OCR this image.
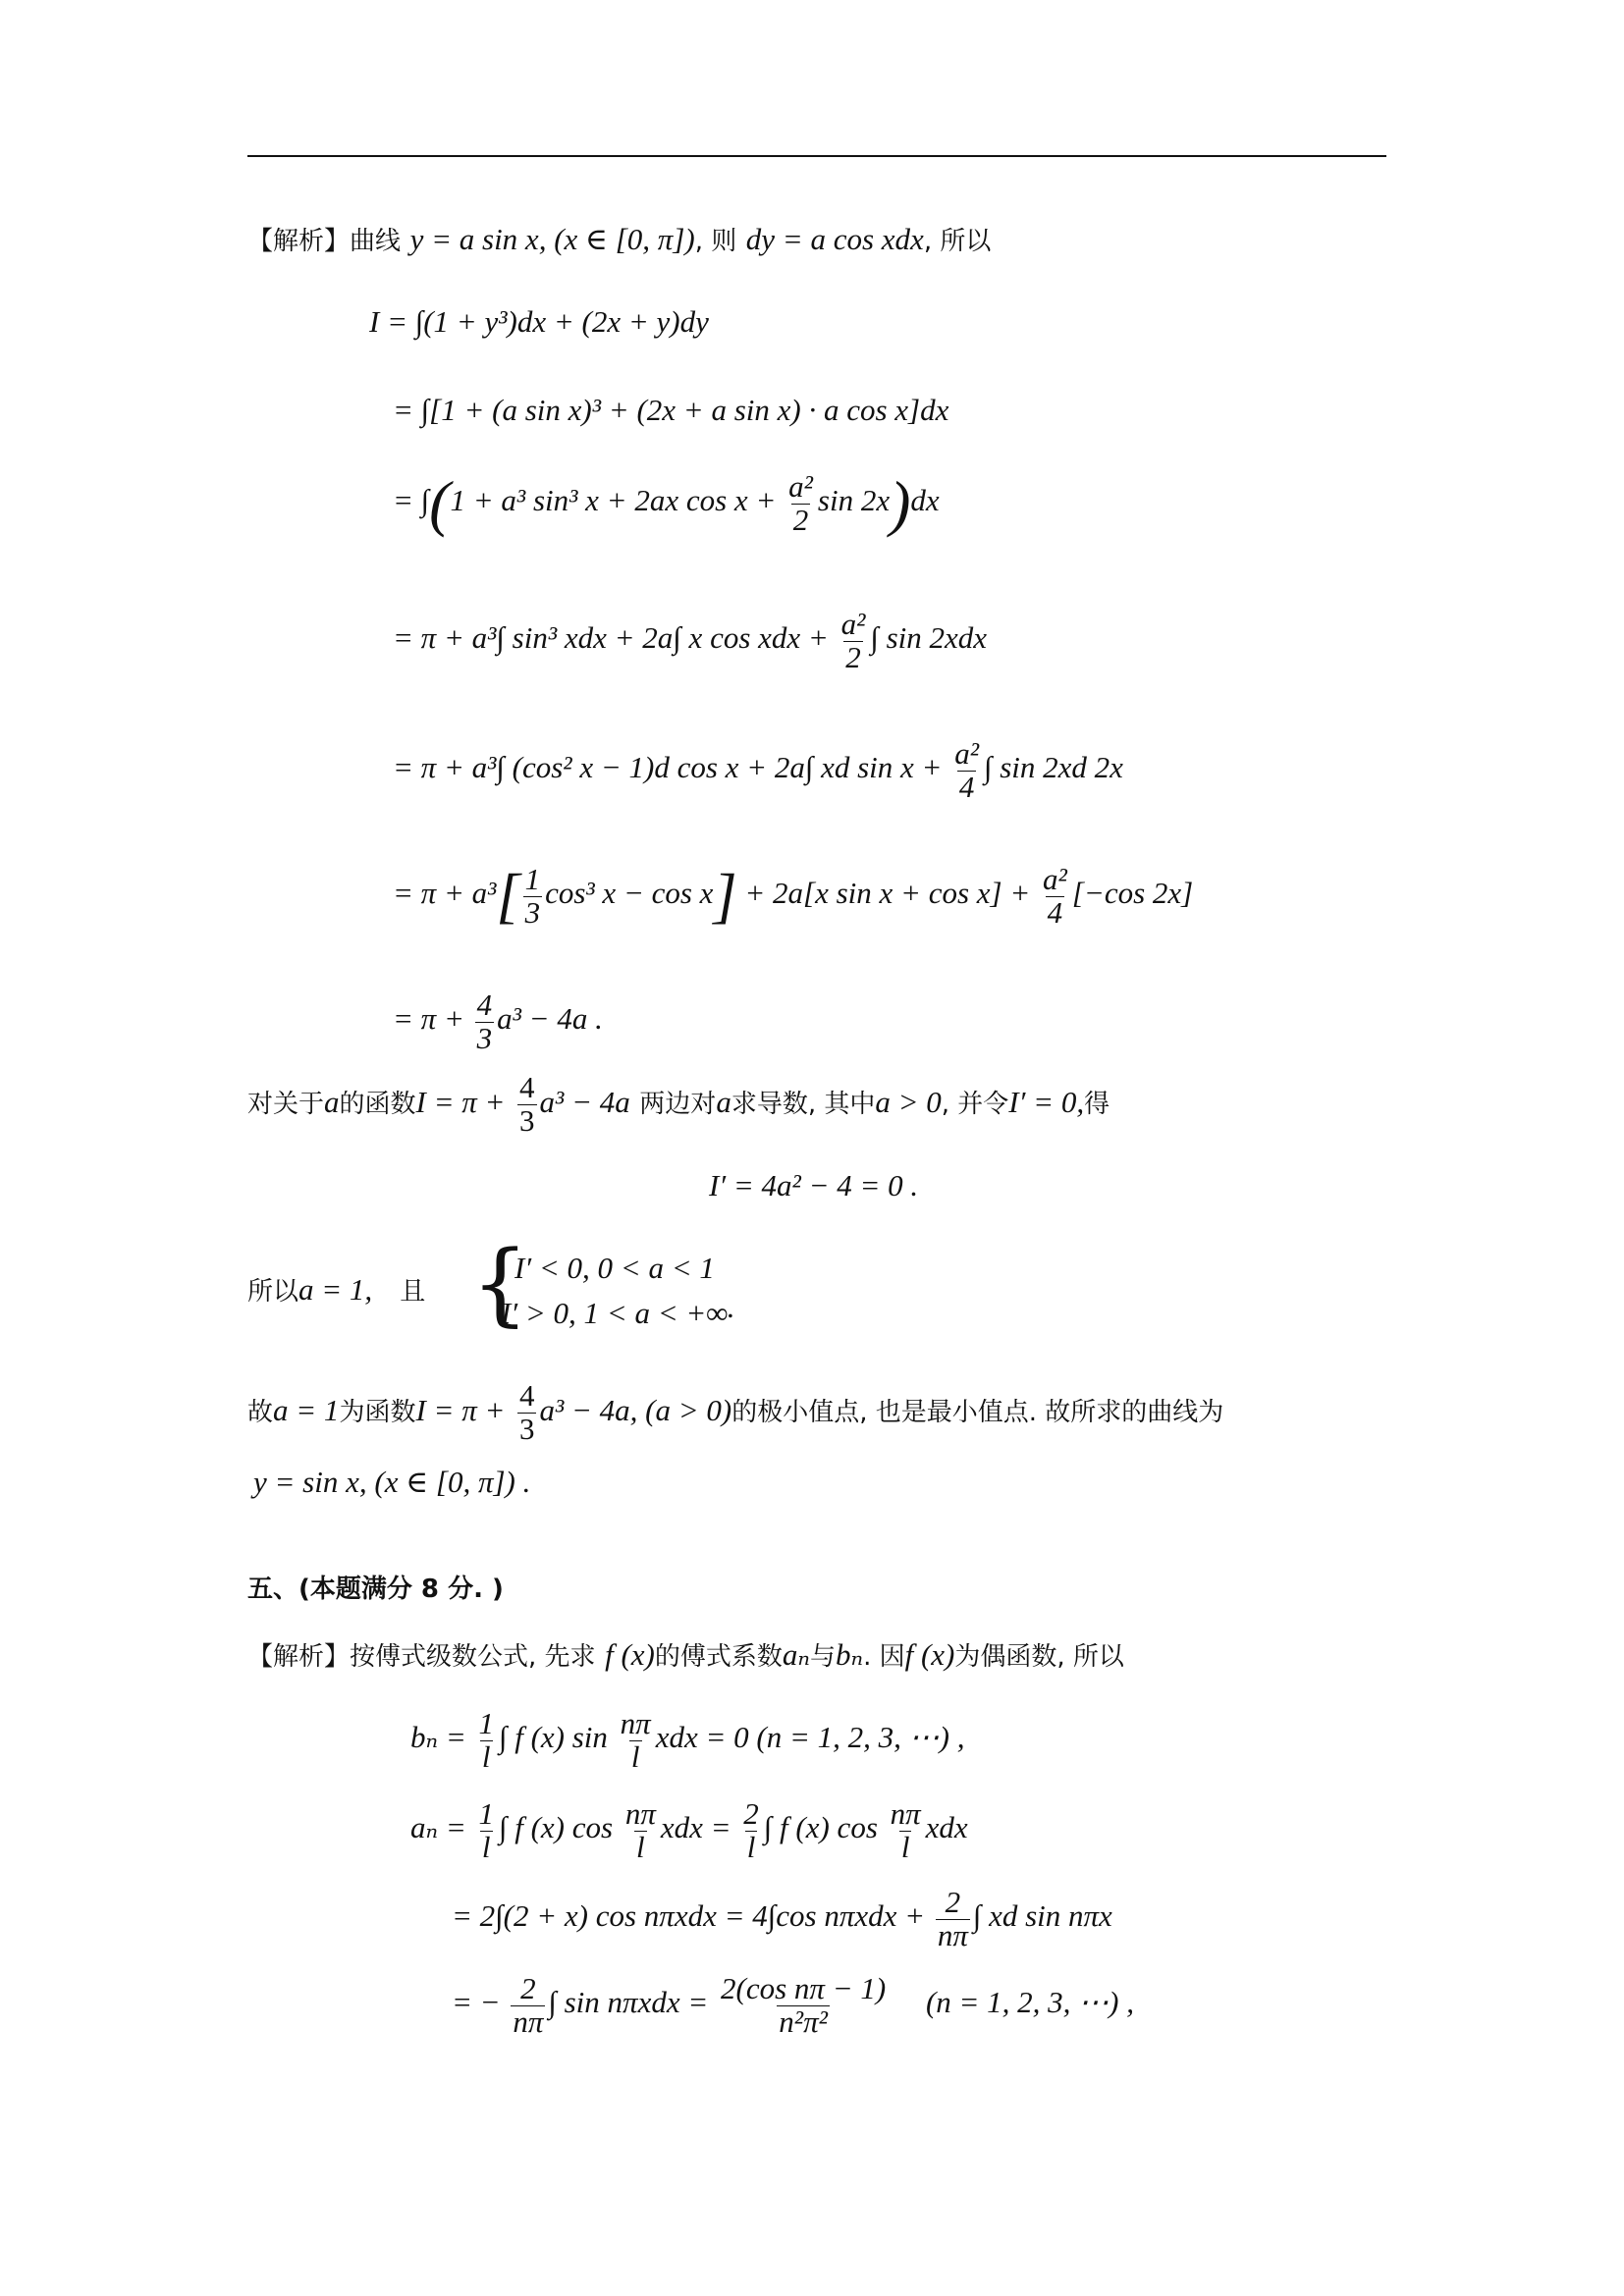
【解析】曲线 y = a sin x, (x ∈ [0, π]), 则 dy = a cos xdx, 所以
I = ∫(1 + y³)dx + (2x + y)dy
= ∫[1 + (a sin x)³ + (2x + a sin x) · a cos x]dx
= ∫(1 + a³ sin³ x + 2ax $\cos x + \frac{\text{a²}}{2}$ sin 2x)dx
= π + a³∫ sin³ xdx + 2a∫ x cos xdx + $\frac{\text{a²}}{2}$ ∫ sin 2xdx
= π + a³∫ (cos² x − 1)d cos x + 2a∫ xd $\sin x + \frac{\text{a²}}{4}$ ∫ sin 2xd 2x
= $\pi + a^3[ \frac{1}{3} \cos^3$ x − cos x] + 2a[x $\sin x + \cos x] + \frac{\text{a²}}{4} [-\cos$ 2x]
= $\pi + \frac{4}{3} a^3 - 4a$ .
对关于a的函数$I = \pi + \frac{4}{3} a^3 - 4a$ 两边对a求导数, 其中a > 0, 并令I′ = 0,得
I′ = 4a² − 4 = 0 .
所以a = 1, 且 {
I′ < 0, 0 < a < 1
I′ > 0, 1 < a < +∞
.
故a = 1为函数$I = \pi + \frac{4}{3} a^3 - 4a$, (a > 0)的极小值点, 也是最小值点. 故所求的曲线为
y = sin x, (x ∈ [0, π]) .
五、(本题满分 8 分. )
【解析】按傅式级数公式, 先求 f (x)的傅式系数aₙ与bₙ. 因f (x)为偶函数, 所以
$b_n = \frac{1}{l}$ ∫ f (x) $\sin \frac{n\pi}{l}$ xdx = 0 (n = 1, 2, 3, ⋯) ,
$a_n = \frac{1}{l}$ ∫ f (x) $\cos \frac{n\pi}{l}$ xdx = $\frac{2}{l}$ ∫ f (x) $\cos \frac{n\pi}{l}$ xdx
= 2∫(2 + x) cos nπxdx = 4∫cos $n\pi xdx + \frac{2}{n\pi}$ ∫ xd sin nπx
= − $\frac{2}{n\pi}$ ∫ $\sin n\pi xdx = \frac{\text{2(cos nπ − 1)}}{\text{n²π²}} (n = 1$, 2, 3, ⋯) ,
